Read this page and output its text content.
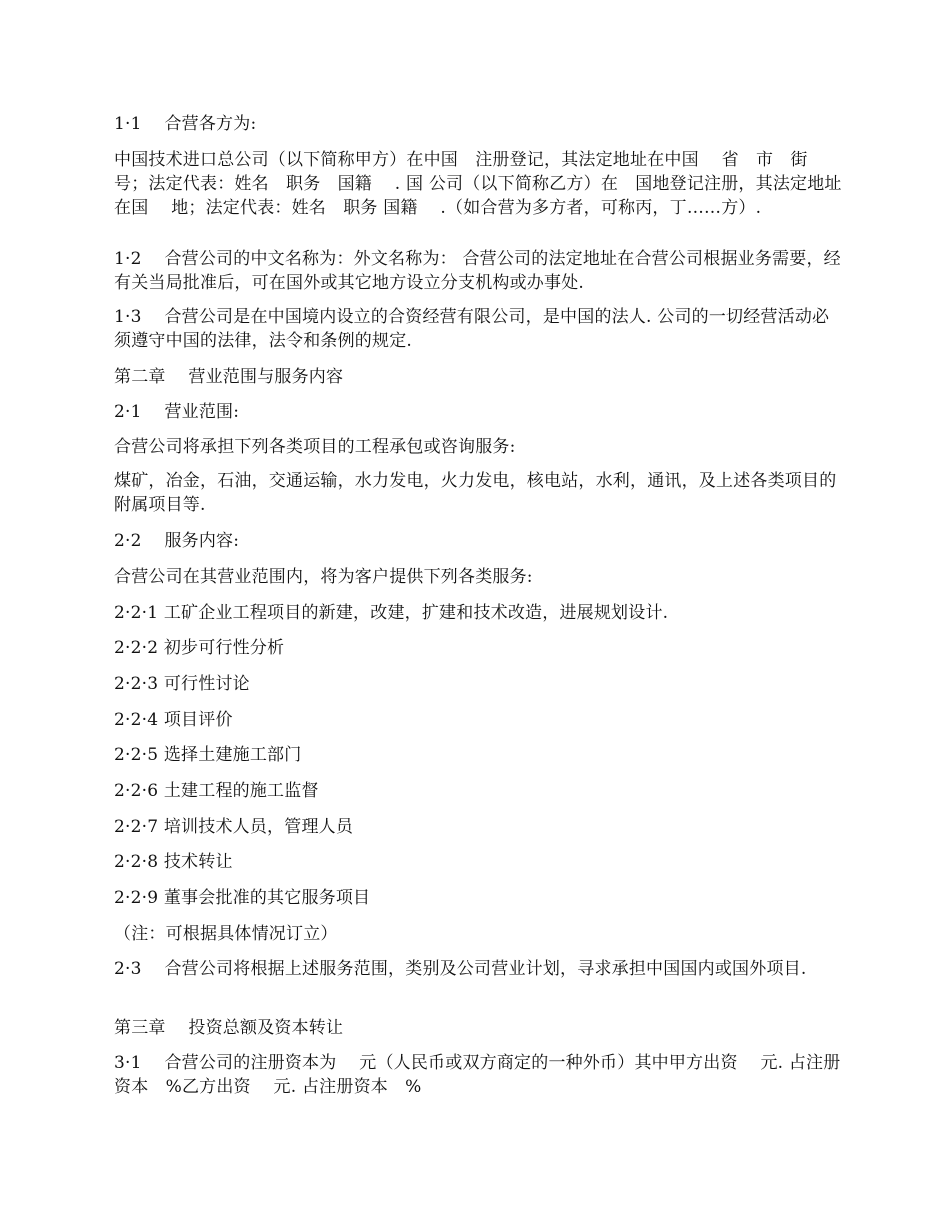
1·1　 合营各方为:

中国技术进口总公司（以下简称甲方）在中国　注册登记，其法定地址在中国　 省　市　街　号；法定代表：姓名　职务　国籍　 . 国 公司（以下简称乙方）在　国地登记注册，其法定地址在国　 地；法定代表：姓名　职务 国籍　 .（如合营为多方者，可称丙，丁……方）.

1·2　 合营公司的中文名称为：外文名称为： 合营公司的法定地址在合营公司根据业务需要，经有关当局批准后，可在国外或其它地方设立分支机构或办事处.

1·3　 合营公司是在中国境内设立的合资经营有限公司，是中国的法人. 公司的一切经营活动必须遵守中国的法律，法令和条例的规定.

第二章　 营业范围与服务内容

2·1　 营业范围:

合营公司将承担下列各类项目的工程承包或咨询服务:

煤矿，冶金，石油，交通运输，水力发电，火力发电，核电站，水利，通讯，及上述各类项目的附属项目等.

2·2　 服务内容:

合营公司在其营业范围内，将为客户提供下列各类服务:

2·2·1 工矿企业工程项目的新建，改建，扩建和技术改造，进展规划设计.

2·2·2 初步可行性分析

2·2·3 可行性讨论

2·2·4 项目评价

2·2·5 选择土建施工部门

2·2·6 土建工程的施工监督

2·2·7 培训技术人员，管理人员

2·2·8 技术转让

2·2·9 董事会批准的其它服务项目

（注：可根据具体情况订立）

2·3　 合营公司将根据上述服务范围，类别及公司营业计划，寻求承担中国国内或国外项目.

第三章　 投资总额及资本转让

3·1　 合营公司的注册资本为　 元（人民币或双方商定的一种外币）其中甲方出资　 元. 占注册资本　%乙方出资　 元. 占注册资本　%
